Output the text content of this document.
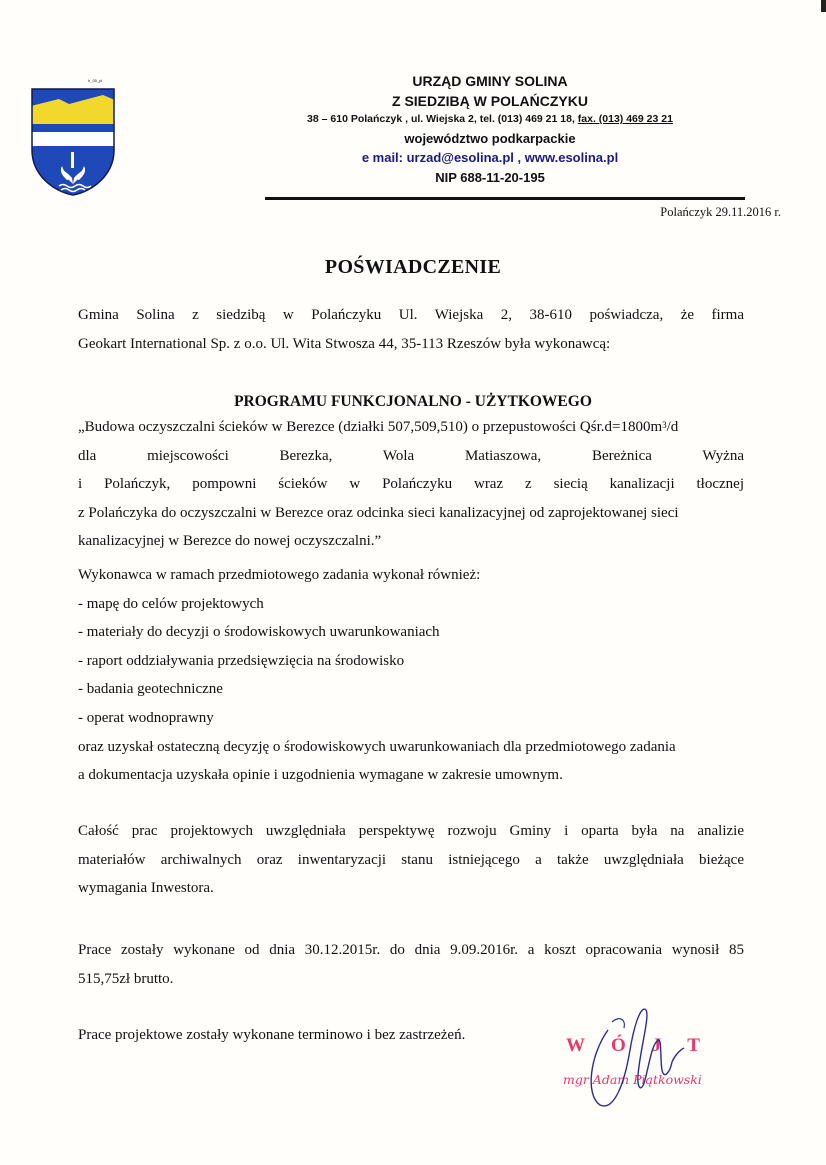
h_05_pl	URZĄD GMINY SOLINA
Z SIEDZIBĄ W POLAŃCZYKU
38 – 610 Polańczyk , ul. Wiejska 2, tel. (013) 469 21 18, fax. (013) 469 23 21
województwo podkarpackie
e mail: urzad@esolina.pl , www.esolina.pl
NIP 688-11-20-195
Polańczyk 29.11.2016 r.
POŚWIADCZENIE
Gmina Solina z siedzibą w Polańczyku Ul. Wiejska 2, 38-610 poświadcza, że firma
Geokart International Sp. z o.o. Ul. Wita Stwosza 44, 35-113 Rzeszów była wykonawcą:
PROGRAMU FUNKCJONALNO - UŻYTKOWEGO
„Budowa oczyszczalni ścieków w Berezce (działki 507,509,510) o przepustowości $Qśr.d=1800m^3/d$
dla miejscowości Berezka, Wola Matiaszowa, Bereżnica Wyżna
i Polańczyk, pompowni ścieków w Polańczyku wraz z siecią kanalizacji tłocznej
z Polańczyka do oczyszczalni w Berezce oraz odcinka sieci kanalizacyjnej od zaprojektowanej sieci
kanalizacyjnej w Berezce do nowej oczyszczalni.”
Wykonawca w ramach przedmiotowego zadania wykonał również:
- mapę do celów projektowych
- materiały do decyzji o środowiskowych uwarunkowaniach
- raport oddziaływania przedsięwzięcia na środowisko
- badania geotechniczne
- operat wodnoprawny
oraz uzyskał ostateczną decyzję o środowiskowych uwarunkowaniach dla przedmiotowego zadania
a dokumentacja uzyskała opinie i uzgodnienia wymagane w zakresie umownym.
Całość prac projektowych uwzględniała perspektywę rozwoju Gminy i oparta była na analizie
materiałów archiwalnych oraz inwentaryzacji stanu istniejącego a także uwzględniała bieżące
wymagania Inwestora.
Prace zostały wykonane od dnia 30.12.2015r. do dnia 9.09.2016r. a koszt opracowania wynosił 85
515,75zł brutto.
Prace projektowe zostały wykonane terminowo i bez zastrzeżeń.	WÓJT
mgr Adam Piątkowski
